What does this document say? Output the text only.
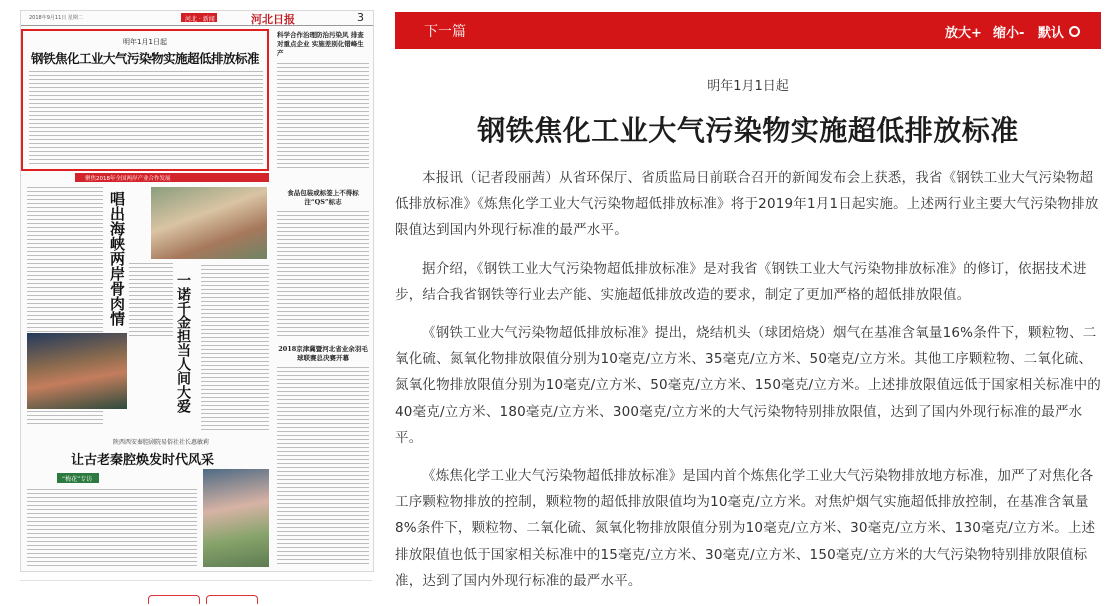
2018年9月11日 星期二	河北 · 新闻	河北日报	3
明年1月1日起
钢铁焦化工业大气污染物实施超低排放标准
科学合作治理防治污染风 排查对重点企业 实施差别化错峰生产
聚焦2018年全国两岸产业合作发展
唱出海峡两岸骨肉情
一诺千金担当人间大爱
食品包装或标签上不得标注“QS”标志
2018京津冀暨河北省业余羽毛球联赛总决赛开幕
陕西西安秦腔剧院易俗社社长惠敏莉
让古老秦腔焕发时代风采
“梅花”专访
下一篇	放大+ 缩小- 默认
明年1月1日起
钢铁焦化工业大气污染物实施超低排放标准

本报讯（记者段丽茜）从省环保厅、省质监局日前联合召开的新闻发布会上获悉，我省《钢铁工业大气污染物超低排放标准》《炼焦化学工业大气污染物超低排放标准》将于2019年1月1日起实施。上述两行业主要大气污染物排放限值达到国内外现行标准的最严水平。

据介绍，《钢铁工业大气污染物超低排放标准》是对我省《钢铁工业大气污染物排放标准》的修订，依据技术进步，结合我省钢铁等行业去产能、实施超低排放改造的要求，制定了更加严格的超低排放限值。

《钢铁工业大气污染物超低排放标准》提出，烧结机头（球团焙烧）烟气在基准含氧量16%条件下，颗粒物、二氧化硫、氮氧化物排放限值分别为10毫克/立方米、35毫克/立方米、50毫克/立方米。其他工序颗粒物、二氧化硫、氮氧化物排放限值分别为10毫克/立方米、50毫克/立方米、150毫克/立方米。上述排放限值远低于国家相关标准中的40毫克/立方米、180毫克/立方米、300毫克/立方米的大气污染物特别排放限值，达到了国内外现行标准的最严水平。

《炼焦化学工业大气污染物超低排放标准》是国内首个炼焦化学工业大气污染物排放地方标准，加严了对焦化各工序颗粒物排放的控制，颗粒物的超低排放限值均为10毫克/立方米。对焦炉烟气实施超低排放控制，在基准含氧量8%条件下，颗粒物、二氧化硫、氮氧化物排放限值分别为10毫克/立方米、30毫克/立方米、130毫克/立方米。上述排放限值也低于国家相关标准中的15毫克/立方米、30毫克/立方米、150毫克/立方米的大气污染物特别排放限值标准，达到了国内外现行标准的最严水平。
